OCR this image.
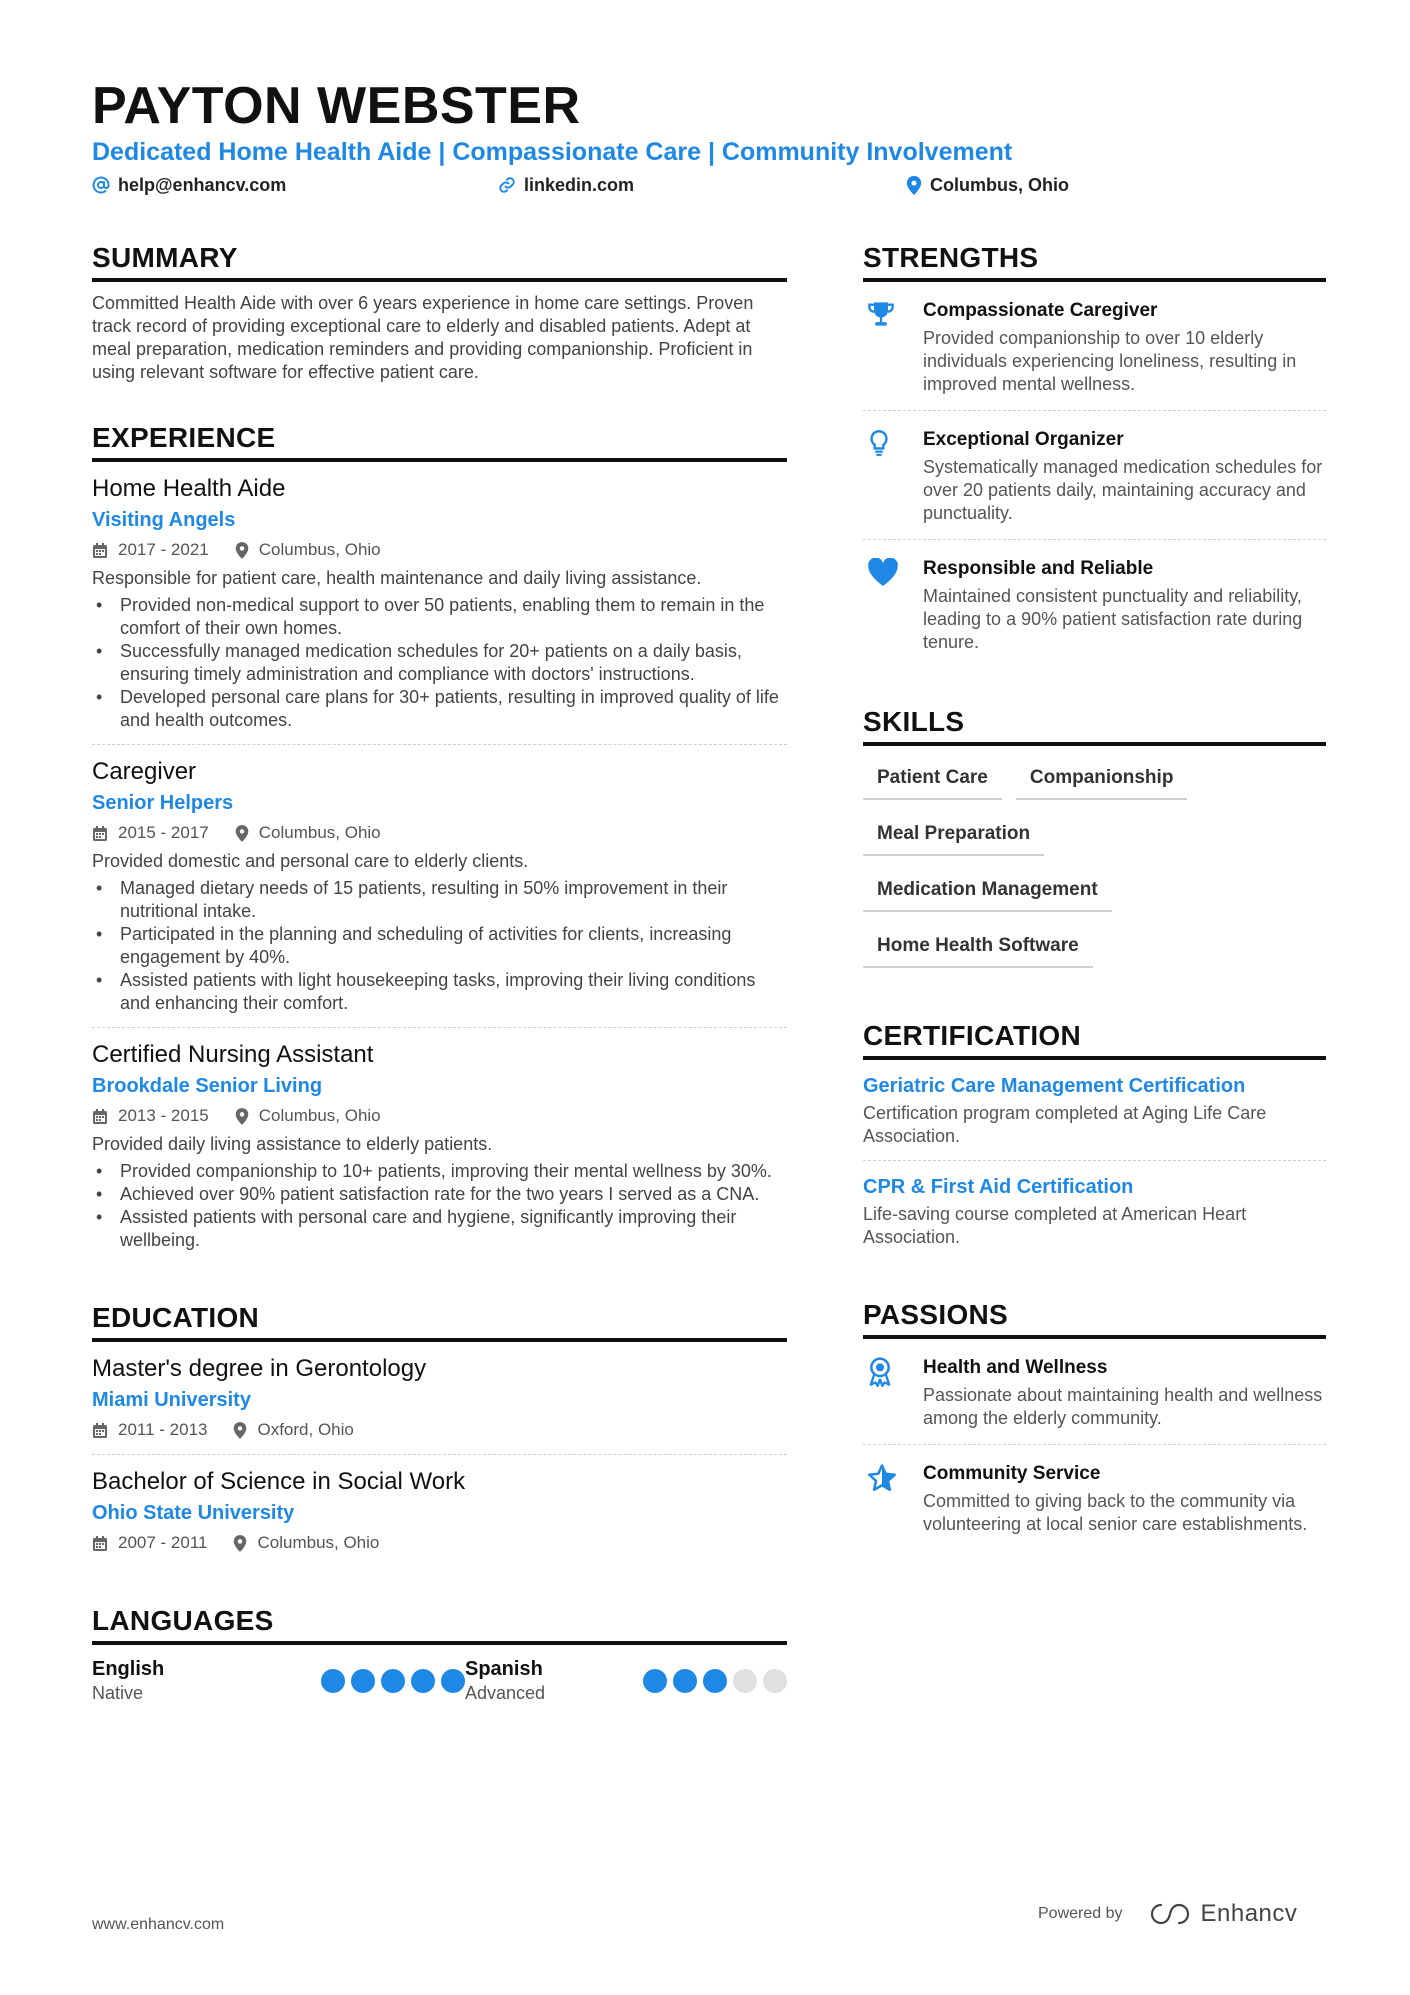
PAYTON WEBSTER

Dedicated Home Health Aide | Compassionate Care | Community Involvement

help@enhancv.com	linkedin.com	Columbus, Ohio
SUMMARY

Committed Health Aide with over 6 years experience in home care settings. Proven track record of providing exceptional care to elderly and disabled patients. Adept at meal preparation, medication reminders and providing companionship. Proficient in using relevant software for effective patient care.

EXPERIENCE

Home Health Aide

Visiting Angels

2017 - 2021	Columbus, Ohio

Responsible for patient care, health maintenance and daily living assistance.

• Provided non-medical support to over 50 patients, enabling them to remain in the comfort of their own homes.
• Successfully managed medication schedules for 20+ patients on a daily basis, ensuring timely administration and compliance with doctors' instructions.
• Developed personal care plans for 30+ patients, resulting in improved quality of life and health outcomes.

Caregiver

Senior Helpers

2015 - 2017	Columbus, Ohio

Provided domestic and personal care to elderly clients.

• Managed dietary needs of 15 patients, resulting in 50% improvement in their nutritional intake.
• Participated in the planning and scheduling of activities for clients, increasing engagement by 40%.
• Assisted patients with light housekeeping tasks, improving their living conditions and enhancing their comfort.

Certified Nursing Assistant

Brookdale Senior Living

2013 - 2015	Columbus, Ohio

Provided daily living assistance to elderly patients.

• Provided companionship to 10+ patients, improving their mental wellness by 30%.
• Achieved over 90% patient satisfaction rate for the two years I served as a CNA.
• Assisted patients with personal care and hygiene, significantly improving their wellbeing.
EDUCATION

Master's degree in Gerontology

Miami University

2011 - 2013	Oxford, Ohio

Bachelor of Science in Social Work

Ohio State University

2007 - 2011	Columbus, Ohio
LANGUAGES

English

Native

Spanish

Advanced

STRENGTHS

Compassionate Caregiver

Provided companionship to over 10 elderly individuals experiencing loneliness, resulting in improved mental wellness.

Exceptional Organizer

Systematically managed medication schedules for over 20 patients daily, maintaining accuracy and punctuality.

Responsible and Reliable

Maintained consistent punctuality and reliability, leading to a 90% patient satisfaction rate during tenure.

SKILLS
Patient Care	Companionship
Meal Preparation
Medication Management
Home Health Software
CERTIFICATION

Geriatric Care Management Certification

Certification program completed at Aging Life Care Association.

CPR & First Aid Certification

Life-saving course completed at American Heart Association.

PASSIONS

Health and Wellness

Passionate about maintaining health and wellness among the elderly community.

Community Service

Committed to giving back to the community via volunteering at local senior care establishments.

www.enhancv.com
Powered by	Enhancv
